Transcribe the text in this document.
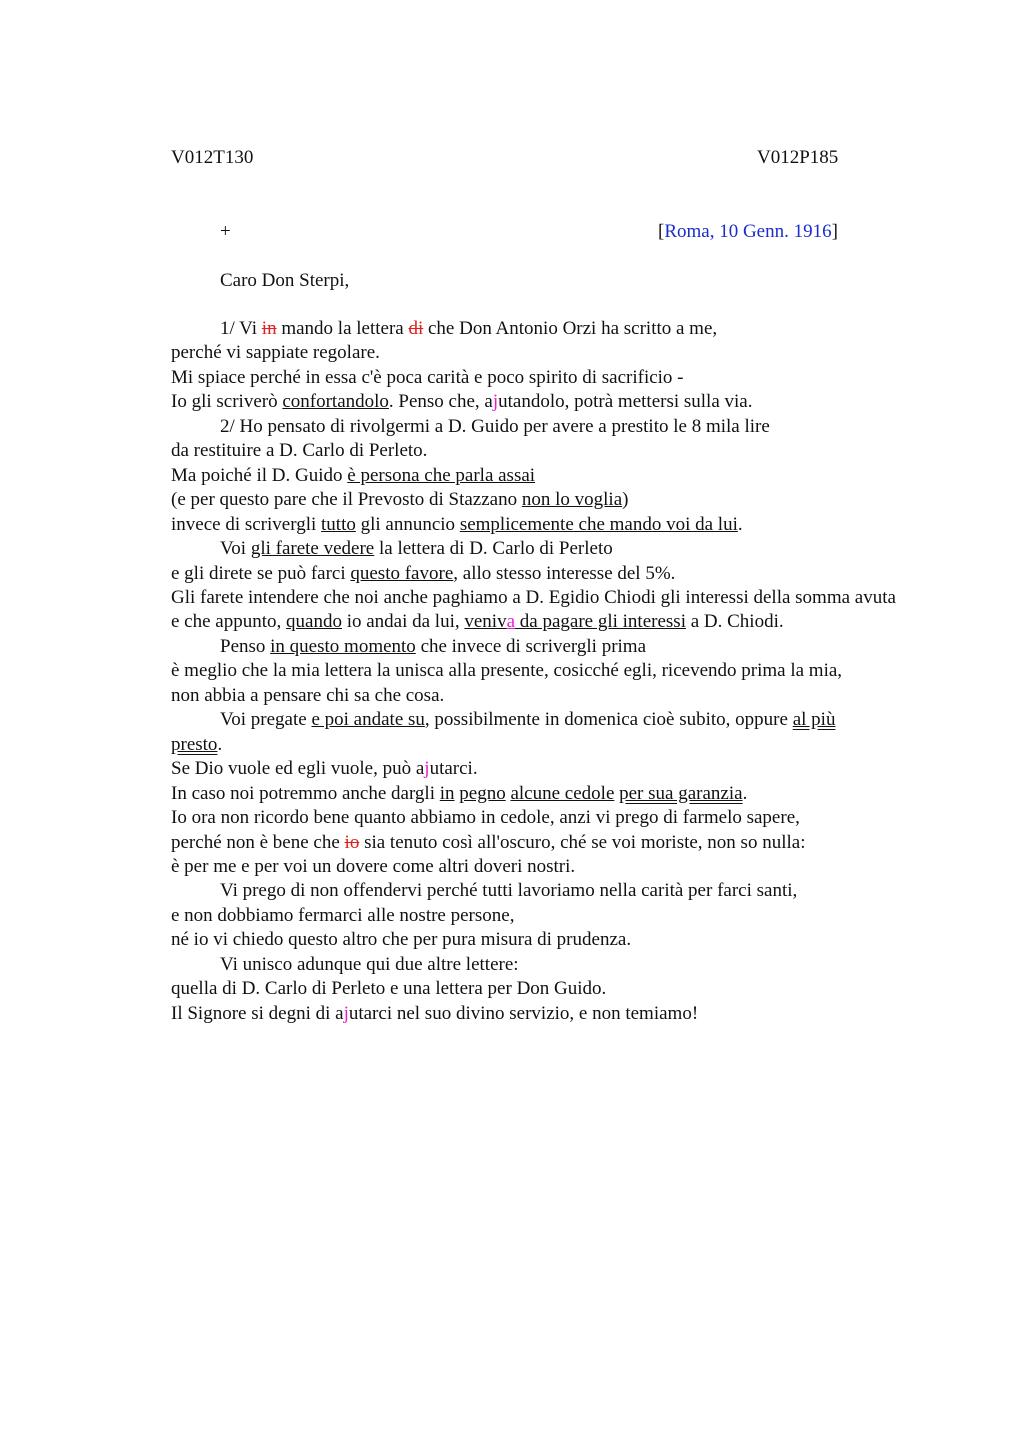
V012T130	V012P185
+	[Roma, 10 Genn. 1916]
Caro Don Sterpi,
1/ Vi in mando la lettera di che Don Antonio Orzi ha scritto a me,
perché vi sappiate regolare.
Mi spiace perché in essa c'è poca carità e poco spirito di sacrificio -
Io gli scriverò confortandolo. Penso che, ajutandolo, potrà mettersi sulla via.
2/ Ho pensato di rivolgermi a D. Guido per avere a prestito le 8 mila lire
da restituire a D. Carlo di Perleto.
Ma poiché il D. Guido è persona che parla assai
(e per questo pare che il Prevosto di Stazzano non lo voglia)
invece di scrivergli tutto gli annuncio semplicemente che mando voi da lui.
Voi gli farete vedere la lettera di D. Carlo di Perleto
e gli direte se può farci questo favore, allo stesso interesse del 5%.
Gli farete intendere che noi anche paghiamo a D. Egidio Chiodi gli interessi della somma avuta
e che appunto, quando io andai da lui, veniva da pagare gli interessi a D. Chiodi.
Penso in questo momento che invece di scrivergli prima
è meglio che la mia lettera la unisca alla presente, cosicché egli, ricevendo prima la mia,
non abbia a pensare chi sa che cosa.
Voi pregate e poi andate su, possibilmente in domenica cioè subito, oppure al più
presto.
Se Dio vuole ed egli vuole, può ajutarci.
In caso noi potremmo anche dargli in pegno alcune cedole per sua garanzia.
Io ora non ricordo bene quanto abbiamo in cedole, anzi vi prego di farmelo sapere,
perché non è bene che io sia tenuto così all'oscuro, ché se voi moriste, non so nulla:
è per me e per voi un dovere come altri doveri nostri.
Vi prego di non offendervi perché tutti lavoriamo nella carità per farci santi,
e non dobbiamo fermarci alle nostre persone,
né io vi chiedo questo altro che per pura misura di prudenza.
Vi unisco adunque qui due altre lettere:
quella di D. Carlo di Perleto e una lettera per Don Guido.
Il Signore si degni di ajutarci nel suo divino servizio, e non temiamo!
